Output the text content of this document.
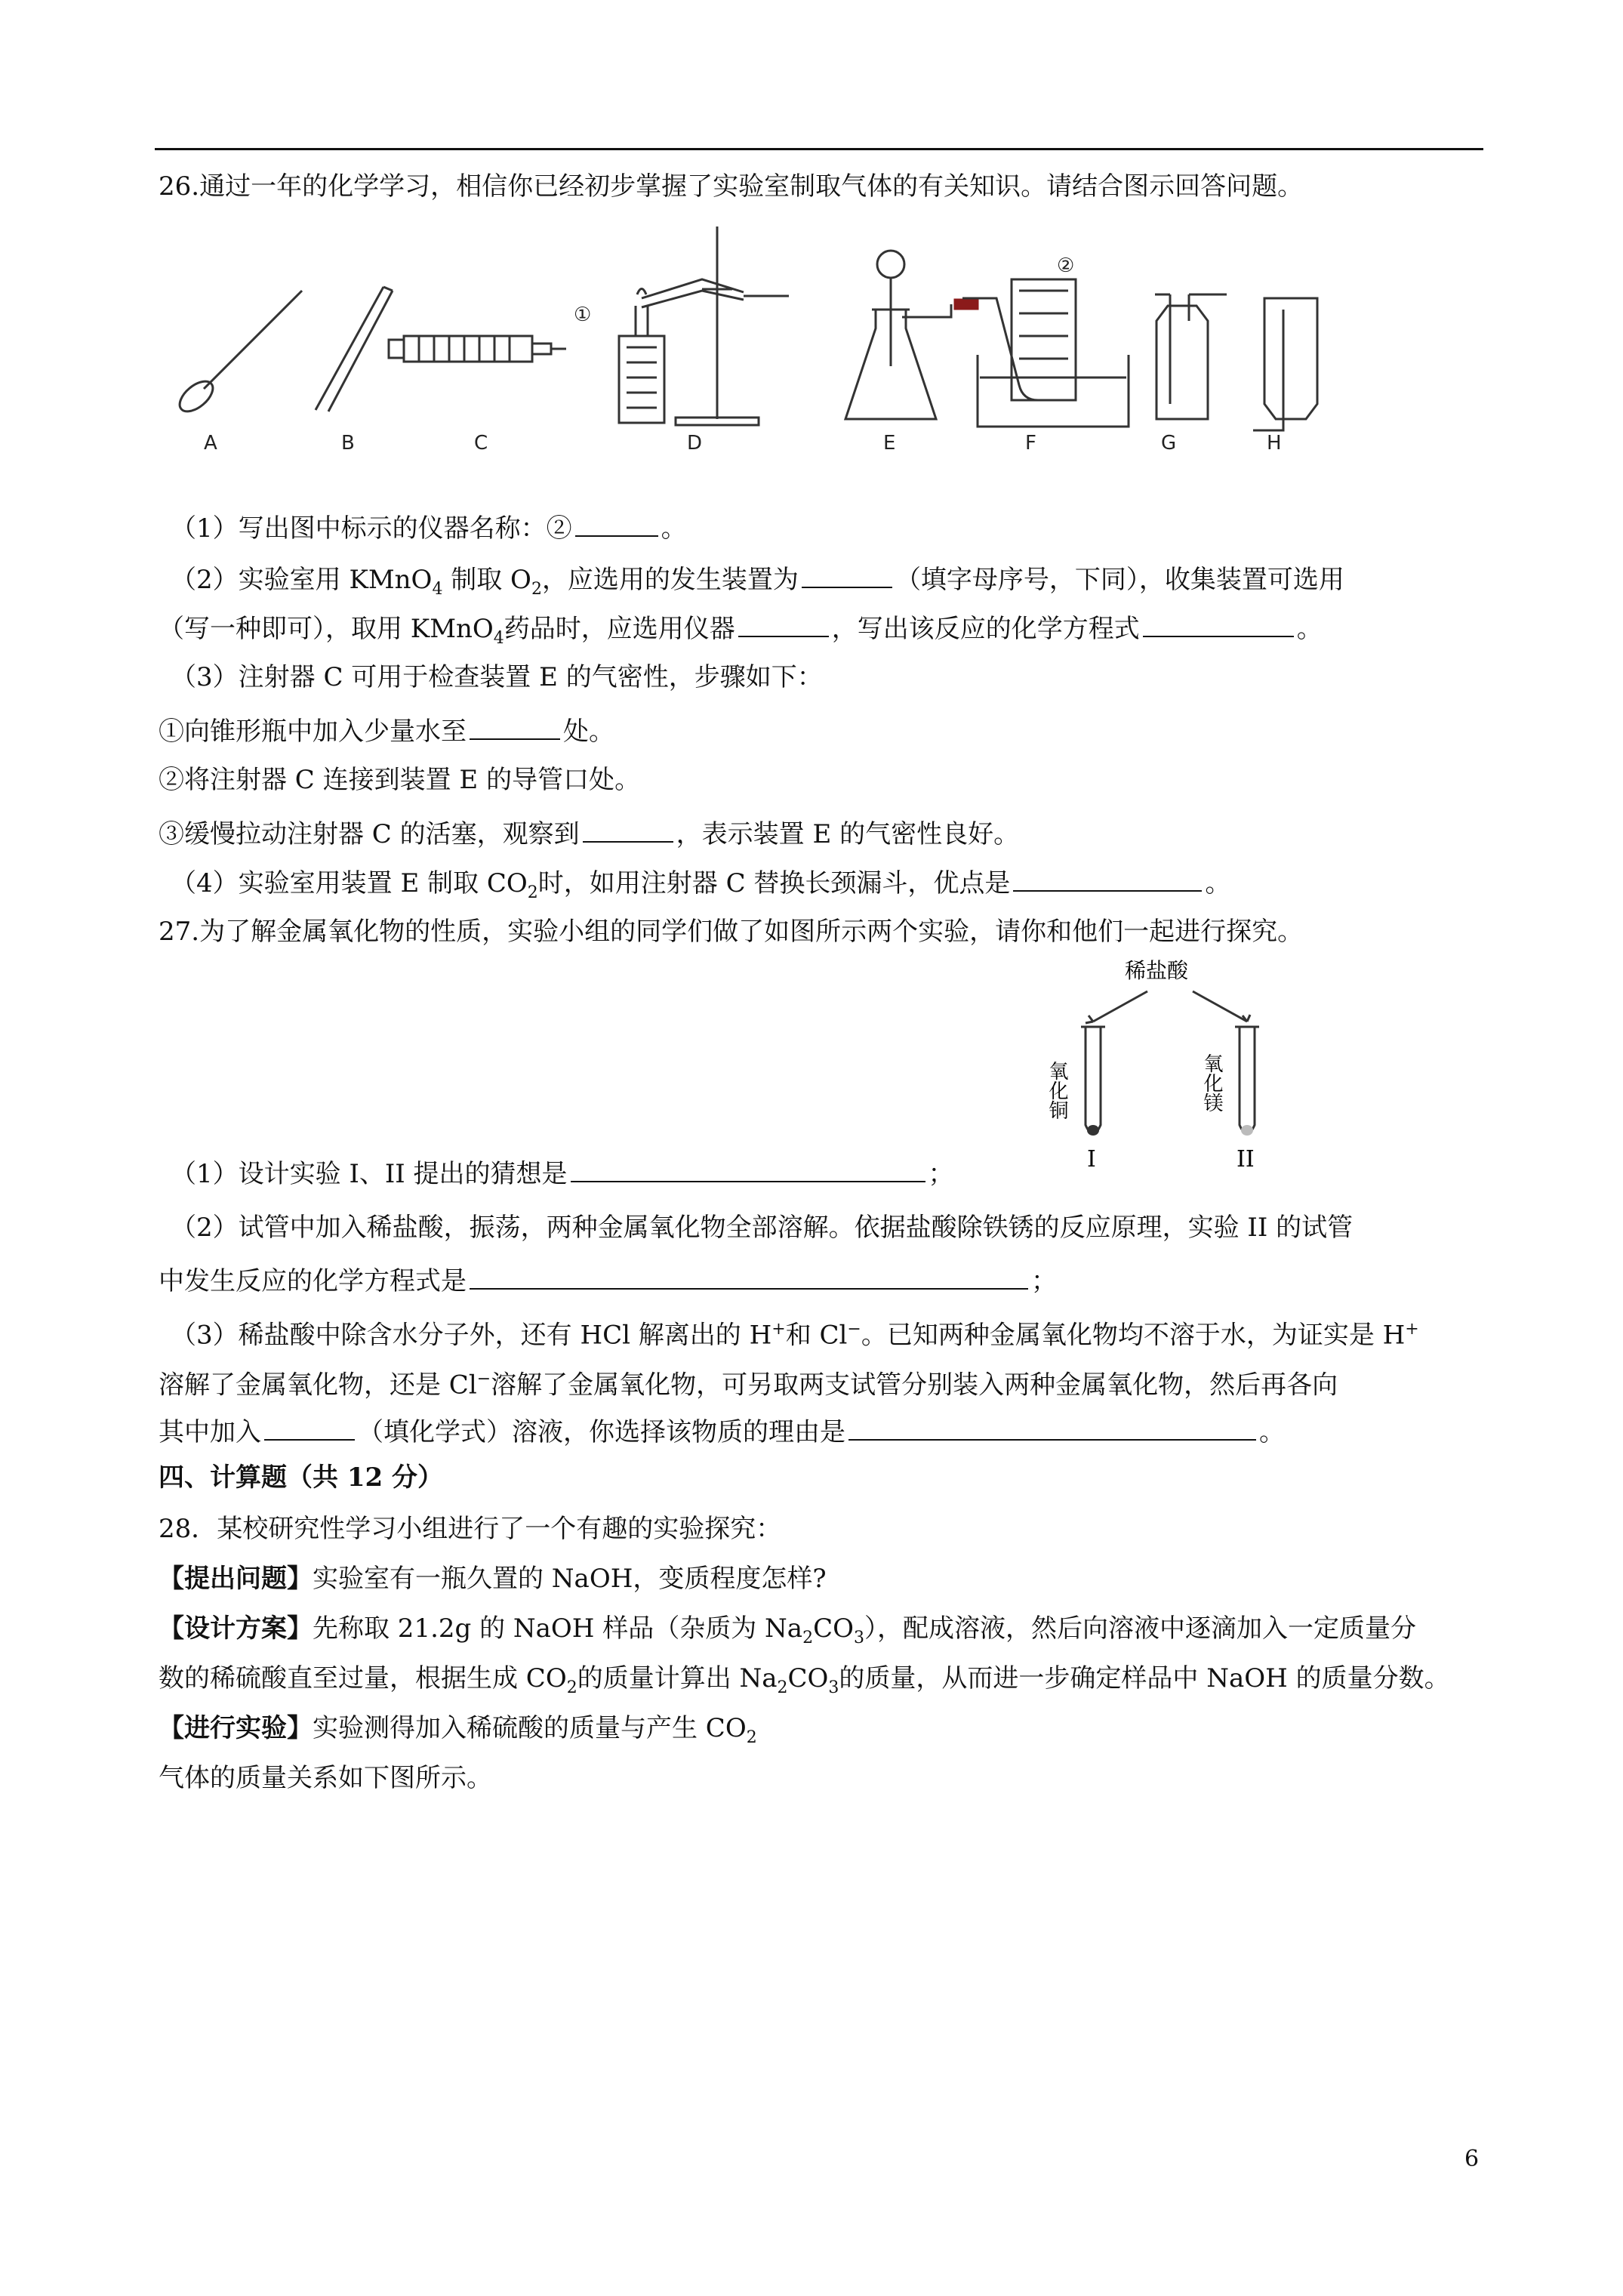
26.通过一年的化学学习，相信你已经初步掌握了实验室制取气体的有关知识。请结合图示回答问题。
A	B	C	D	E	F	G	H
①
②
（1）写出图中标示的仪器名称：②	。
（2）实验室用 KMnO$_4$ 制取 $O_2$，应选用的发生装置为	（填字母序号，下同），收集装置可选用
（写一种即可），取用 KMnO$_4$药品时，应选用仪器	，写出该反应的化学方程式	。
（3）注射器 C 可用于检查装置 E 的气密性，步骤如下：
①向锥形瓶中加入少量水至	处。
②将注射器 C 连接到装置 E 的导管口处。
③缓慢拉动注射器 C 的活塞，观察到	，表示装置 E 的气密性良好。
（4）实验室用装置 E 制取 $CO_2$时，如用注射器 C 替换长颈漏斗，优点是	。
27.为了解金属氧化物的性质，实验小组的同学们做了如图所示两个实验，请你和他们一起进行探究。
稀盐酸
氧化铜	氧化镁
I	II
（1）设计实验 I、II 提出的猜想是	；
（2）试管中加入稀盐酸，振荡，两种金属氧化物全部溶解。依据盐酸除铁锈的反应原理，实验 II 的试管
中发生反应的化学方程式是	；
（3）稀盐酸中除含水分子外，还有 HCl 解离出的 H+和 Cl−。已知两种金属氧化物均不溶于水，为证实是 H+
溶解了金属氧化物，还是 Cl−溶解了金属氧化物，可另取两支试管分别装入两种金属氧化物，然后再各向
其中加入	（填化学式）溶液，你选择该物质的理由是	。
四、计算题（共 12 分）
28．某校研究性学习小组进行了一个有趣的实验探究：
【提出问题】实验室有一瓶久置的 NaOH，变质程度怎样?
【设计方案】先称取 21.2g 的 NaOH 样品（杂质为 $Na_2CO_3$），配成溶液，然后向溶液中逐滴加入一定质量分
数的稀硫酸直至过量，根据生成 $CO_2$的质量计算出 $Na_2CO_3$的质量，从而进一步确定样品中 NaOH 的质量分数。
【进行实验】实验测得加入稀硫酸的质量与产生 $CO_2$
气体的质量关系如下图所示。
6
